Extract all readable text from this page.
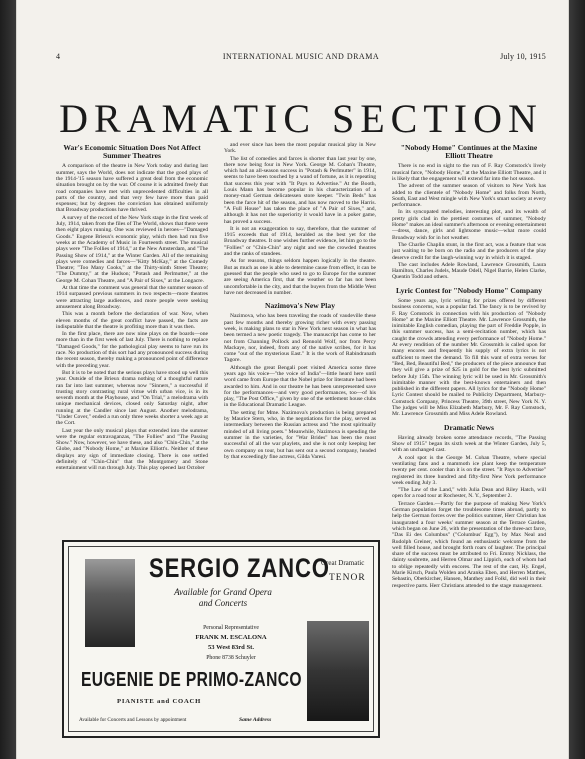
4	INTERNATIONAL MUSIC AND DRAMA	July 10, 1915
DRAMATIC SECTION
War's Economic Situation Does Not Affect Summer Theatres

A comparison of the theatre in New York today and during last summer, says the World, does not indicate that the good plays of the 1914-'15 season have suffered a great deal from the economic situation brought on by the war. Of course it is admitted freely that road companies have met with unprecedented difficulties in all parts of the country, and that very few have more than paid expenses; but by degrees the conviction has obtained uniformly that Broadway productions have thrived.

A survey of the record of the New York stage in the first week of July, 1914, taken from the files of The World, shows that there were then eight plays running. One was reviewed in heroes—"Damaged Goods." Eugene Brieux's economic play, which then had run five weeks at the Academy of Music in Fourteenth street. The musical plays were "The Follies of 1914," at the New Amsterdam, and "The Passing Show of 1914," at the Winter Garden. All of the remaining plays were comedies and farces—"Kitty McKay," at the Comedy Theatre; "Too Many Cooks," at the Thirty-ninth Street Theatre; "The Dummy," at the Hudson; "Potash and Perlmutter," at the George M. Cohan Theatre, and "A Pair of Sixes," at the Longacre.

At that time the comment was general that the summer season of 1914 surpassed previous summers in two respects—more theatres were attracting large audiences, and more people were seeking amusement along Broadway.

This was a month before the declaration of war. Now, when eleven months of the great conflict have passed, the facts are indisputable that the theatre is profiting more than it was then.

In the first place, there are now nine plays on the boards—one more than in the first week of last July. There is nothing to replace "Damaged Goods," for the pathological play seems to have run its race. No production of this sort had any pronounced success during the recent season, thereby making a pronounced point of difference with the preceding year.

But it is to be noted that the serious plays have stood up well this year. Outside of the Brieux drama nothing of a thoughtful nature ran far into last summer, whereas now "Sinners," a successful if trusting story contrasting rural virtue with urban vice, is in its seventh month at the Playhouse, and "On Trial," a melodrama with unique mechanical devices, closed only Saturday night, after running at the Candler since last August. Another melodrama, "Under Cover," ended a run only three weeks shorter a week ago at the Cort.

Last year the only musical plays that extended into the summer were the regular extravaganzas, "The Follies" and "The Passing Show." Now, however, we have these, and also "Chin-Chin," at the Globe, and "Nobody Home," at Maxine Elliott's. Neither of these displays any sign of immediate closing. There is one settled definitely of "Chin-Chin" that the Montgomery and Stone entertainment will run through July. This play opened last October

and ever since has been the most popular musical play in New York.

The list of comedies and farces is shorter than last year by one, there now being four in New York. George M. Cohan's Theatre, which had an all-season success in "Potash & Perlmutter" in 1914, seems to have been touched by a wand of fortune, as it is repeating that success this year with "It Pays to Advertise." At the Booth, Louis Mann has become popular in his characterization of a money-mad German delicatessen store keeper. "Twin Beds" has been the farce hit of the season, and has now moved to the Harris. "A Full House" has taken the place of "A Pair of Sixes," and, although it has not the superiority it would have in a poker game, has proved a success.

It is not an exaggeration to say, therefore, that the summer of 1915 exceeds that of 1914, heralded as the best yet for the Broadway theatres. It one wishes further evidence, let him go to the "Follies" or "Chin-Chin" any night and see the crowded theatres and the ranks of standees.

As for reasons, things seldom happen logically in the theatre. But as much as one is able to determine cause from effect, it can be guessed that the people who used to go to Europe for the summer are seeing America first, that the weather so far has not been uncomfortable in the city, and that the buyers from the Middle West have not decreased in number.

Nazimova's New Play

Nazimova, who has been traveling the roads of vaudeville these past few months and thereby growing richer with every passing week, is making plans to star in New York next season in what has been termed a new poetic tragedy. The manuscript has come to her not from Channing Pollock and Rennold Wolf, nor from Percy Mackaye, nor, indeed, from any of the native scribes, for it has come "out of the mysterious East." It is the work of Rabindranath Tagore.

Although the great Bengali poet visited America some three years ago his voice—"the voice of India"—little heard here until word came from Europe that the Nobel prize for literature had been awarded to him. And in our theatre he has been unrepresented save for the performances—and very good performances, too—of his play, "The Post Office," given by one of the settlement house clubs in the Educational Dramatic League.

The setting for Mme. Nazimova's production is being prepared by Maurice Stern, who, in the negotiations for the play, served as intermediary between the Russian actress and "the most spiritually minded of all living poets." Meanwhile, Nazimova is spending the summer in the varieties, for "War Brides" has been the most successful of all the war playlets, and she is not only keeping her own company on tour, but has sent out a second company, headed by that exceedingly fine actress, Gilda Varesi.

"Nobody Home" Continues at the Maxine Elliott Theatre

There is no end in sight to the run of F. Ray Comstock's lively musical farce, "Nobody Home," at the Maxine Elliott Theatre, and it is likely that the engagement will extend far into the hot season.

The advent of the summer season of visitors to New York has added to the clientele of "Nobody Home" and folks from North, South, East and West mingle with New York's smart society at every performance.

In its syncopated melodies, interesting plot, and its wealth of pretty girls clad in the prettiest costumes of summer, "Nobody Home" makes an ideal summer's afternoon or evening entertainment—dress, dance, girls and lightsome music—what more could Broadway wish for in hot weather.

The Charlie Chaplin stunt, in the first act, was a feature that was just waiting to be born on the radio and the producers of the play deserve credit for the laugh-winning way in which it is staged.

The cast includes Adele Rowland, Lawrence Grossmith, Laura Hamilton, Charles Judels, Maude Odell, Nigel Barrie, Helen Clarke, Quentin Todd and others.

Lyric Contest for "Nobody Home" Company

Some years ago, lyric writing for prizes offered by different business concerns, was a popular fad. The fancy is to be revived by F. Ray Comstock in connection with his production of "Nobody Home" at the Maxine Elliott Theatre. Mr. Lawrence Grossmith, the inimitable English comedian, playing the part of Freddie Popple, in this summer success, has a semi-recitation number, which has caught the crowds attending every performance of "Nobody Home." At every rendition of the number Mr. Grossmith is called upon for many encores and frequently his supply of extra lyrics is not sufficient to meet the demand. To fill this want of extra verses for "Bed, Bed, Beautiful Bed," the producers of the piece announce that they will give a prize of $25 in gold for the best lyric submitted before July 15th. The winning lyric will be used in Mr. Grossmith's inimitable manner with the best-known entertainers and then published in the different papers. All lyrics for the "Nobody Home" Lyric Contest should be mailed to Publicity Department, Marbury-Comstock Company, Princess Theatre, 39th street, New York N. Y. The judges will be Miss Elizabeth Marbury, Mr. F. Ray Comstock, Mr. Lawrence Grossmith and Miss Adele Rowland.

Dramatic News

Having already broken some attendance records, "The Passing Show of 1915" began its sixth week at the Winter Garden, July 5, with an unchanged cast.

A cool spot is the George M. Cohan Theatre, where special ventilating fans and a mammoth ice plant keep the temperature twenty per cent. cooler than it is on the street. "It Pays to Advertise" registered its three hundred and fifty-first New York performance week ending July 3.

"The Law of the Land," with Julia Dean and Riley Hatch, will open for a road tour at Rochester, N. Y., September 2.

Terrace Garden.—Partly for the purpose of making New York's German population forget the troublesome times abroad, partly to help the German forces over the politics summer, Herr Christian has inaugurated a four weeks' summer season at the Terrace Garden, which began on June 26, with the presentation of the three-act farce, "Das Ei des Columbus" ("Columbus' Egg"), by Max Neal and Rudolph Greiner, which found an enthusiastic welcome from the well filled house, and brought forth roars of laughter. The principal share of the success must be attributed to Fri. Emmy Nicklass, the dainty soubrette, and Herren Olmar and Lippich, each of whom had to oblige repeatedly with encores. The rest of the cast, Hy. Engel, Marie Kirsch, Paula Wolden and Aranka Eben, and Herren Matthes, Sebastin, Oberkircher, Hansen, Manthey and Folkl, did well in their respective parts. Herr Christians attended to the stage management.

SERGIO ZANCO
Great Dramatic
TENOR
Available for Grand Opera
and Concerts
Personal Representative
FRANK M. ESCALONA
53 West 83rd St.
Phone 8738 Schuyler
EUGENIE DE PRIMO-ZANCO
PIANISTE and COACH
Available for Concerts and Lessons by appointment	Same Address
